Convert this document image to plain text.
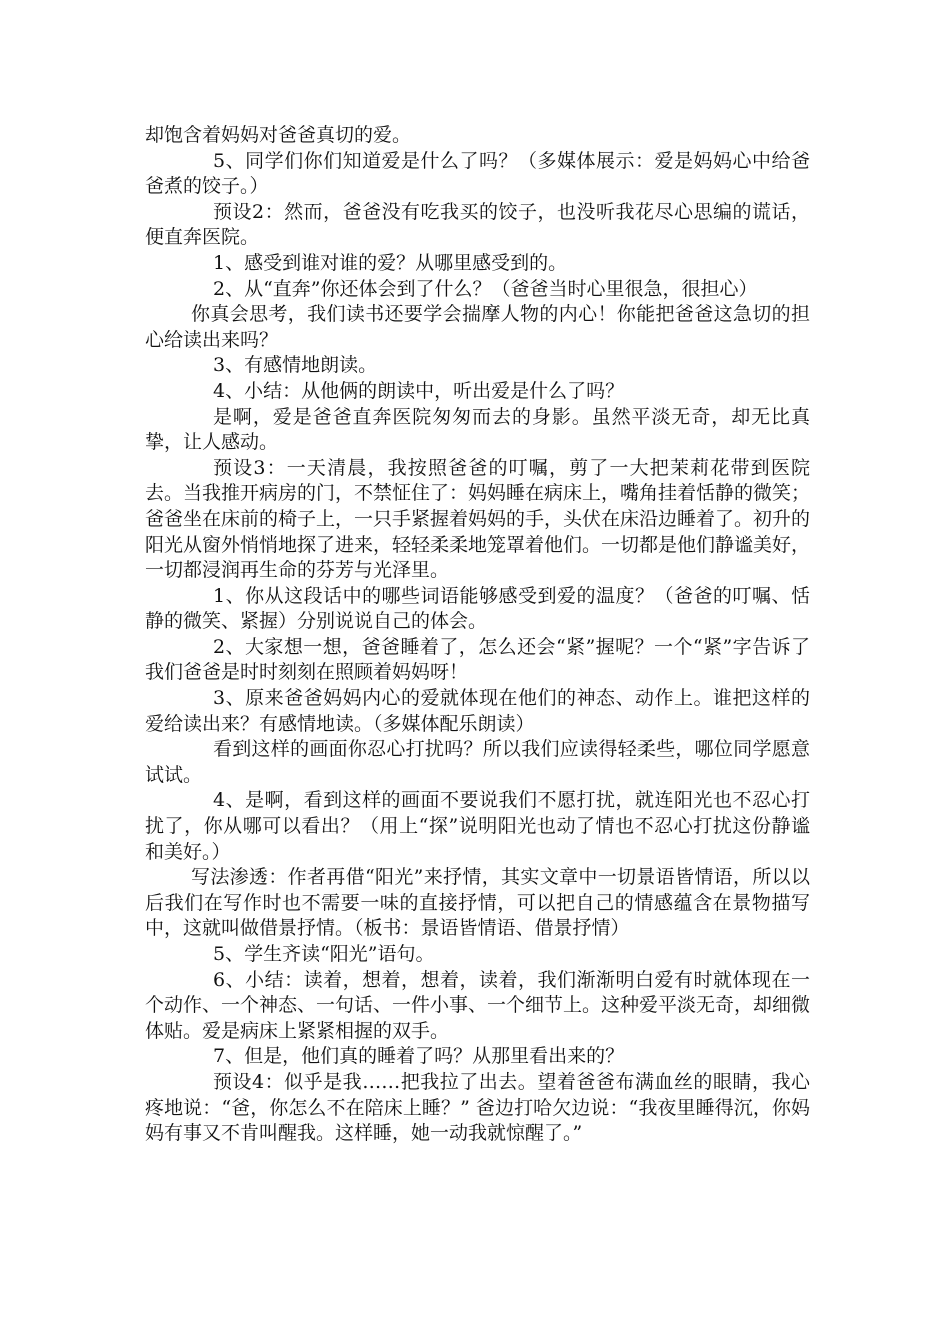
却饱含着妈妈对爸爸真切的爱。

5、同学们你们知道爱是什么了吗？（多媒体展示：爱是妈妈心中给爸爸煮的饺子。）

预设2：然而，爸爸没有吃我买的饺子，也没听我花尽心思编的谎话，便直奔医院。

1、感受到谁对谁的爱？从哪里感受到的。

2、从“直奔”你还体会到了什么？（爸爸当时心里很急，很担心）

你真会思考，我们读书还要学会揣摩人物的内心！你能把爸爸这急切的担心给读出来吗？

3、有感情地朗读。

4、小结：从他俩的朗读中，听出爱是什么了吗？

是啊，爱是爸爸直奔医院匆匆而去的身影。虽然平淡无奇，却无比真挚，让人感动。

预设3：一天清晨，我按照爸爸的叮嘱，剪了一大把茉莉花带到医院去。当我推开病房的门，不禁怔住了：妈妈睡在病床上，嘴角挂着恬静的微笑；爸爸坐在床前的椅子上，一只手紧握着妈妈的手，头伏在床沿边睡着了。初升的阳光从窗外悄悄地探了进来，轻轻柔柔地笼罩着他们。一切都是他们静谧美好，一切都浸润再生命的芬芳与光泽里。

1、你从这段话中的哪些词语能够感受到爱的温度？（爸爸的叮嘱、恬静的微笑、紧握）分别说说自己的体会。

2、大家想一想，爸爸睡着了，怎么还会“紧”握呢？一个“紧”字告诉了我们爸爸是时时刻刻在照顾着妈妈呀！

3、原来爸爸妈妈内心的爱就体现在他们的神态、动作上。谁把这样的爱给读出来？有感情地读。（多媒体配乐朗读）

看到这样的画面你忍心打扰吗？所以我们应读得轻柔些，哪位同学愿意试试。

4、是啊，看到这样的画面不要说我们不愿打扰，就连阳光也不忍心打扰了，你从哪可以看出？（用上“探”说明阳光也动了情也不忍心打扰这份静谧和美好。）

写法渗透：作者再借“阳光”来抒情，其实文章中一切景语皆情语，所以以后我们在写作时也不需要一味的直接抒情，可以把自己的情感蕴含在景物描写中，这就叫做借景抒情。（板书：景语皆情语、借景抒情）

5、学生齐读“阳光”语句。

6、小结：读着，想着，想着，读着，我们渐渐明白爱有时就体现在一个动作、一个神态、一句话、一件小事、一个细节上。这种爱平淡无奇，却细微体贴。爱是病床上紧紧相握的双手。

7、但是，他们真的睡着了吗？从那里看出来的？

预设4：似乎是我……把我拉了出去。望着爸爸布满血丝的眼睛，我心疼地说：“爸，你怎么不在陪床上睡？” 爸边打哈欠边说：“我夜里睡得沉，你妈妈有事又不肯叫醒我。这样睡，她一动我就惊醒了。”
